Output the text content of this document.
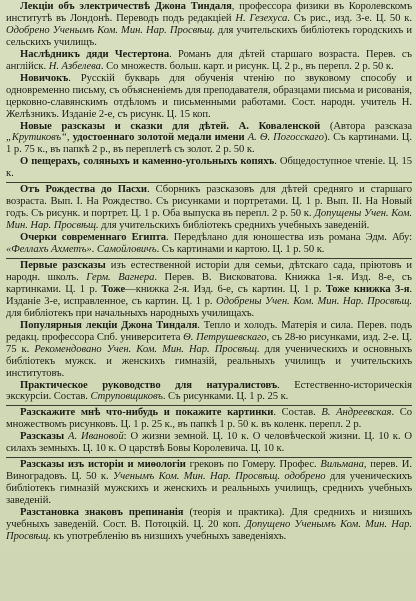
Лекціи объ электричествѣ Джона Тиндаля, профессора физики въ Королевскомъ институтѣ въ Лондонѣ. Переводъ подъ редакціей Н. Гезехуса. Съ рис., изд. 3-е. Ц. 50 к. Одобрено Ученымъ Ком. Мин. Нар. Просвѣщ. для учительскихъ библіотекъ городскихъ и сельскихъ училищъ.

Наслѣдникъ дяди Честертона. Романъ для дѣтей старшаго возраста. Перев. съ англійск. Н. Азбелева. Со множеств. больш. карт. и рисунк. Ц. 2 р., въ перепл. 2 р. 50 к.

Новичокъ. Русскій букварь для обученія чтенію по звуковому способу и одновременно письму, съ объясненіемъ для преподавателя, образцами письма и рисованія, церковно-славянскимъ отдѣломъ и письменными работами. Сост. народн. учитель Н. Желѣзникъ. Изданіе 2-е, съ рисунк. Ц. 15 коп.

Новые разсказы и сказки для дѣтей. А. Коваленской (Автора разсказа „Крутиковъ“, удостоеннаго золотой медали имени А. Ѳ. Погосскаго). Съ картинами. Ц. 1 р. 75 к., въ папкѣ 2 р., въ переплетѣ съ золот. 2 р. 50 к.

О пещерахъ, соляныхъ и каменно-угольныхъ копяхъ. Общедоступное чтеніе. Ц. 15 к.

Отъ Рождества до Пасхи. Сборникъ разсказовъ для дѣтей средняго и старшаго возраста. Вып. I. На Рождество. Съ рисунками и портретами. Ц. 1 р. Вып. II. На Новый годъ. Съ рисунк. и портрет. Ц. 1 р. Оба выпуска въ перепл. 2 р. 50 к. Допущены Учен. Ком. Мин. Нар. Просвѣщ. для учительскихъ библіотекъ среднихъ учебныхъ заведеній.

Очерки современнаго Египта. Передѣлано для юношества изъ романа Эдм. Абу: «Феллахъ Ахметъ». Самойловичъ. Съ картинами и картою. Ц. 1 р. 50 к.

Первые разсказы изъ естественной исторіи для семьи, дѣтскаго сада, пріютовъ и народн. школъ. Герм. Вагнера. Перев. В. Висковатова. Книжка 1-я. Изд. 8-е, съ картинками. Ц. 1 р. Тоже—книжка 2-я. Изд. 6-е, съ картин. Ц. 1 р. Тоже книжка 3-я. Изданіе 3-е, исправленное, съ картин. Ц. 1 р. Одобрены Учен. Ком. Мин. Нар. Просвѣщ. для библіотекъ при начальныхъ народныхъ училищахъ.

Популярныя лекціи Джона Тиндаля. Тепло и холодъ. Матерія и сила. Перев. подъ редакц. профессора Спб. университета Ѳ. Петрушевскаго, съ 28-ю рисунками, изд. 2-е. Ц. 75 к. Рекомендовано Учен. Ком. Мин. Нар. Просвѣщ. для ученическихъ и основныхъ библіотекъ мужск. и женскихъ гимназій, реальныхъ училищъ и учительскихъ институтовъ.

Практическое руководство для натуралистовъ. Естественно-историческія экскурсіи. Состав. Струповщиковъ. Съ рисунками. Ц. 1 р. 25 к.

Разскажите мнѣ что-нибудь и покажите картинки. Состав. В. Андреевская. Со множествомъ рисунковъ. Ц. 1 р. 25 к., въ папкѣ 1 р. 50 к. въ коленк. перепл. 2 р.

Разсказы А. Ивановой: О жизни земной. Ц. 10 к. О человѣческой жизни. Ц. 10 к. О силахъ земныхъ. Ц. 10 к. О царствѣ Бовы Королевича. Ц. 10 к.

Разсказы изъ исторіи и миѳологіи грековъ по Гомеру. Профес. Вильмана, перев. И. Виноградовъ. Ц. 50 к. Ученымъ Ком. Мин. Нар. Просвѣщ. одобрено для ученическихъ библіотекъ гимназій мужскихъ и женскихъ и реальныхъ училищъ, среднихъ учебныхъ заведеній.

Разстановка знаковъ препинанія (теорія и практика). Для среднихъ и низшихъ учебныхъ заведеній. Сост. В. Потоцкій. Ц. 20 коп. Допущено Ученымъ Ком. Мин. Нар. Просвѣщ. къ употребленію въ низшихъ учебныхъ заведеніяхъ.
